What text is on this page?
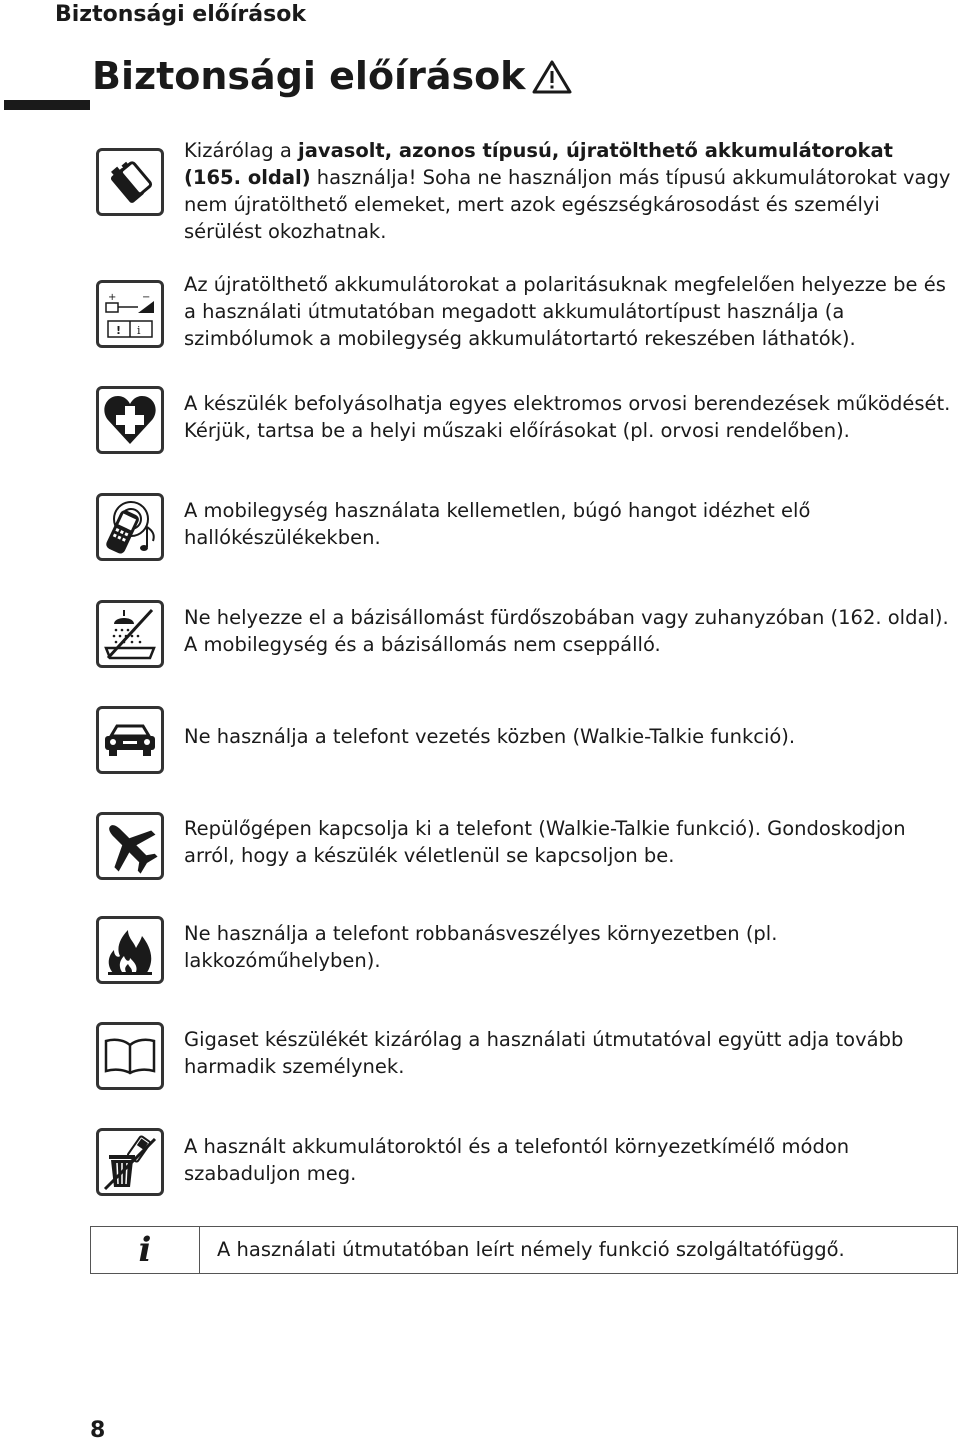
Biztonsági előírások
Biztonsági előírások
Kizárólag a javasolt, azonos típusú, újratölthető akkumulátorokat (165. oldal) használja! Soha ne használjon más típusú akkumulátorokat vagy nem újratölthető elemeket, mert azok egészségkárosodást és személyi sérülést okozhatnak.
+	−
! i
Az újratölthető akkumulátorokat a polaritásuknak megfelelően helyezze be és a használati útmutatóban megadott akkumulátortípust használja (a szimbólumok a mobilegység akkumulátortartó rekeszében láthatók).
A készülék befolyásolhatja egyes elektromos orvosi berendezések működését. Kérjük, tartsa be a helyi műszaki előírásokat (pl. orvosi rendelőben).
A mobilegység használata kellemetlen, búgó hangot idézhet elő hallókészülékekben.
Ne helyezze el a bázisállomást fürdőszobában vagy zuhanyzóban (162. oldal). A mobilegység és a bázisállomás nem cseppálló.
Ne használja a telefont vezetés közben (Walkie-Talkie funkció).
Repülőgépen kapcsolja ki a telefont (Walkie-Talkie funkció). Gondoskodjon arról, hogy a készülék véletlenül se kapcsoljon be.
Ne használja a telefont robbanásveszélyes környezetben (pl. lakkozóműhelyben).
Gigaset készülékét kizárólag a használati útmutatóval együtt adja tovább harmadik személynek.
A használt akkumulátoroktól és a telefontól környezetkímélő módon szabaduljon meg.
i	A használati útmutatóban leírt némely funkció szolgáltatófüggő.
8
